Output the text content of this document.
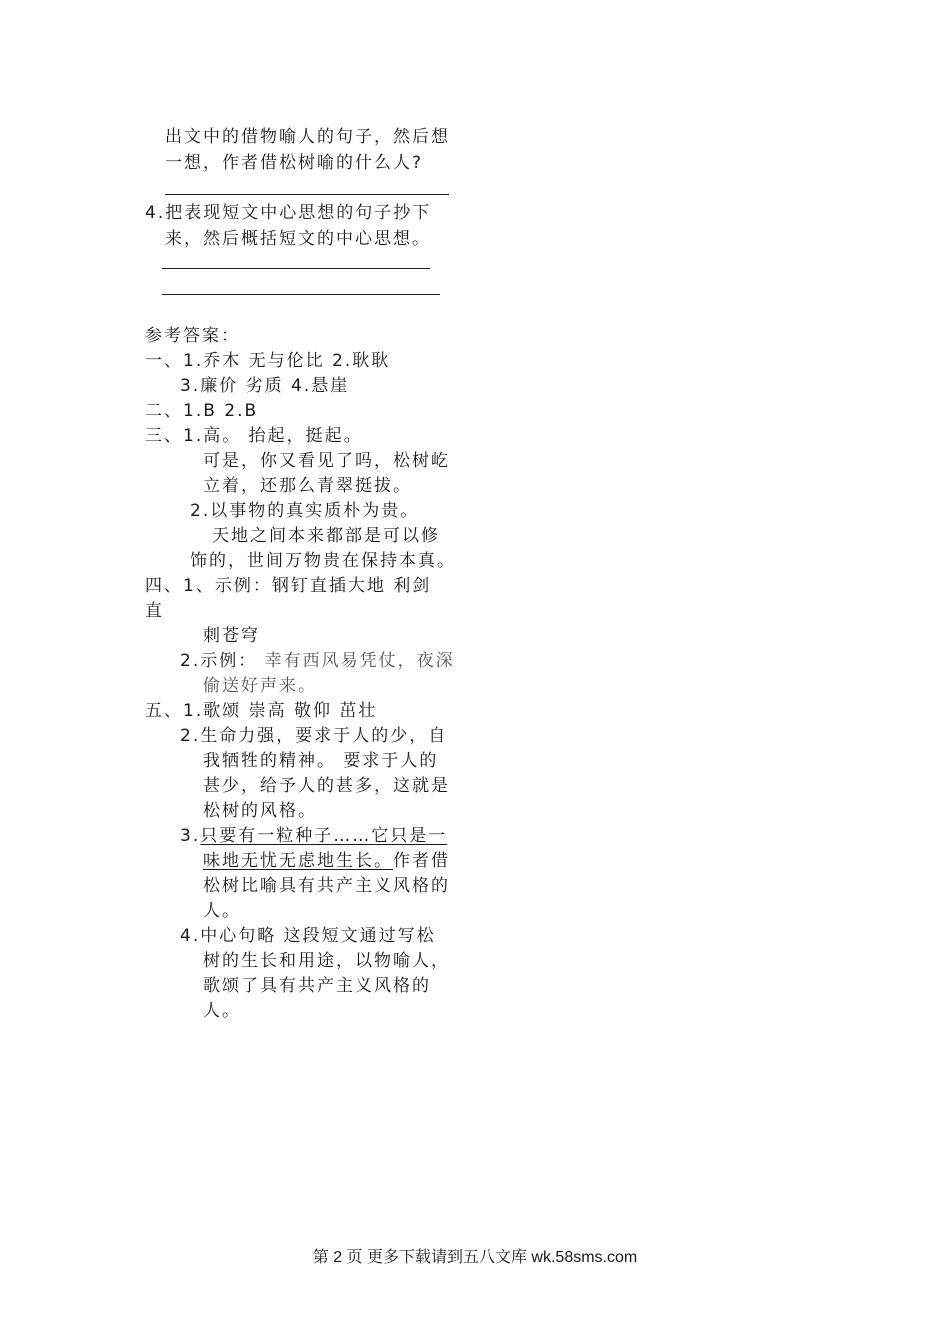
出文中的借物喻人的句子，然后想
一想，作者借松树喻的什么人?
4.把表现短文中心思想的句子抄下
来，然后概括短文的中心思想。
参考答案：
一、1.乔木 无与伦比 2.耿耿
3.廉价 劣质 4.悬崖
二、1.B 2.B
三、1.高。 抬起，挺起。
可是，你又看见了吗，松树屹
立着，还那么青翠挺拔。
2.以事物的真实质朴为贵。
天地之间本来都部是可以修
饰的，世间万物贵在保持本真。
四、1、示例：钢钉直插大地 利剑
直
刺苍穹
2.示例： 幸有西风易凭仗，夜深
偷送好声来。
五、1.歌颂 崇高 敬仰 茁壮
2.生命力强，要求于人的少，自
我牺牲的精神。 要求于人的
甚少，给予人的甚多，这就是
松树的风格。
3.只要有一粒种子……它只是一
味地无忧无虑地生长。作者借
松树比喻具有共产主义风格的
人。
4.中心句略 这段短文通过写松
树的生长和用途，以物喻人，
歌颂了具有共产主义风格的
人。
第 2 页 更多下载请到五八文库 wk.58sms.com
